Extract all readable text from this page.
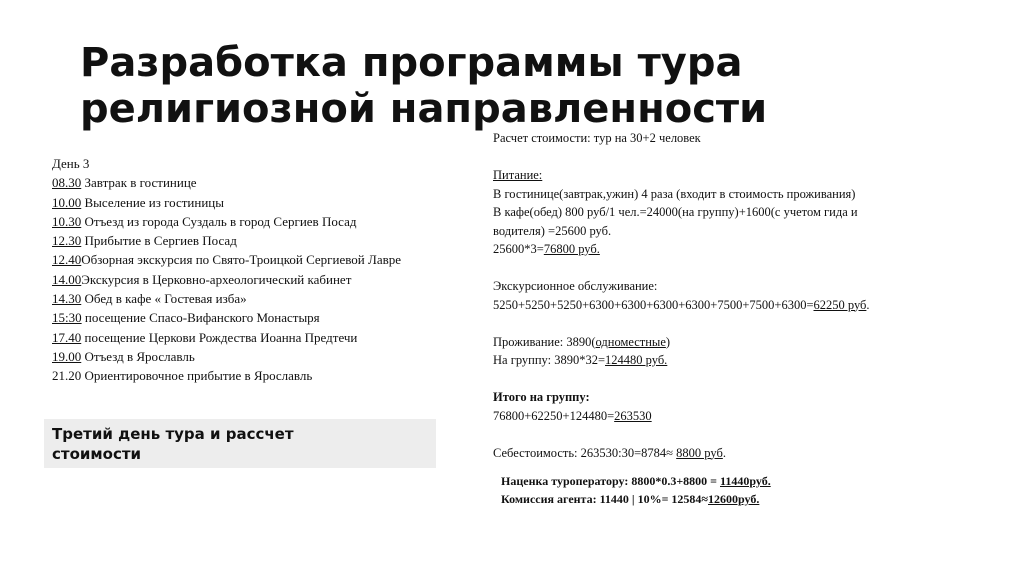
Разработка программы тура
религиозной направленности
День 3
08.30 Завтрак в гостинице
10.00 Выселение из гостиницы
10.30 Отъезд из города Суздаль в город Сергиев Посад
12.30 Прибытие в Сергиев Посад
12.40Обзорная экскурсия по Свято-Троицкой Сергиевой Лавре
14.00Экскурсия в Церковно-археологический кабинет
14.30 Обед в кафе « Гостевая изба»
15:30 посещение Спасо-Вифанского Монастыря
17.40 посещение Церкови Рождества Иоанна Предтечи
19.00 Отъезд в Ярославль
21.20 Ориентировочное прибытие в Ярославль
Третий день тура и рассчет
стоимости
Расчет стоимости: тур на 30+2 человек
Питание:
В гостинице(завтрак,ужин) 4 раза (входит в стоимость проживания)
В кафе(обед) 800 руб/1 чел.=24000(на группу)+1600(с учетом гида и
водителя) =25600 руб.
25600*3=76800 руб.
Экскурсионное обслуживание:
5250+5250+5250+6300+6300+6300+6300+7500+7500+6300=62250 руб.
Проживание: 3890(одноместные)
На группу: 3890*32=124480 руб.
Итого на группу:
76800+62250+124480=263530
Себестоимость: 263530:30=8784≈ 8800 руб.
Наценка туроператору: 8800*0.3+8800 = 11440руб.
Комиссия агента: 11440 | 10%= 12584≈12600руб.
